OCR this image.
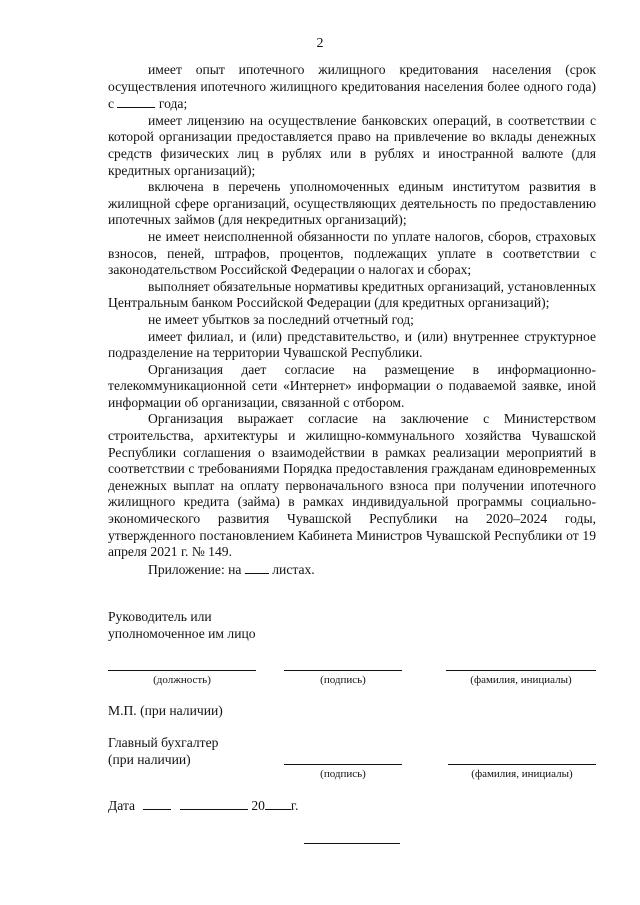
2

имеет опыт ипотечного жилищного кредитования населения (срок осуществления ипотечного жилищного кредитования населения более одного года) с	года;

имеет лицензию на осуществление банковских операций, в соответствии с которой организации предоставляется право на привлечение во вклады денежных средств физических лиц в рублях или в рублях и иностранной валюте (для кредитных организаций);

включена в перечень уполномоченных единым институтом развития в жилищной сфере организаций, осуществляющих деятельность по предоставлению ипотечных займов (для некредитных организаций);

не имеет неисполненной обязанности по уплате налогов, сборов, страховых взносов, пеней, штрафов, процентов, подлежащих уплате в соответствии с законодательством Российской Федерации о налогах и сборах;

выполняет обязательные нормативы кредитных организаций, установленных Центральным банком Российской Федерации (для кредитных организаций);

не имеет убытков за последний отчетный год;

имеет филиал, и (или) представительство, и (или) внутреннее структурное подразделение на территории Чувашской Республики.

Организация дает согласие на размещение в информационно-телекоммуникационной сети «Интернет» информации о подаваемой заявке, иной информации об организации, связанной с отбором.

Организация выражает согласие на заключение с Министерством строительства, архитектуры и жилищно-коммунального хозяйства Чувашской Республики соглашения о взаимодействии в рамках реализации мероприятий в соответствии с требованиями Порядка предоставления гражданам единовременных денежных выплат на оплату первоначального взноса при получении ипотечного жилищного кредита (займа) в рамках индивидуальной программы социально-экономического развития Чувашской Республики на 2020–2024 годы, утвержденного постановлением Кабинета Министров Чувашской Республики от 19 апреля 2021 г. № 149.

Приложение: на листах.

Руководитель или
уполномоченное им лицо
(должность)	(подпись)	(фамилия, инициалы)
М.П. (при наличии)
Главный бухгалтер
(при наличии)
(подпись)	(фамилия, инициалы)
Дата	20 г.
